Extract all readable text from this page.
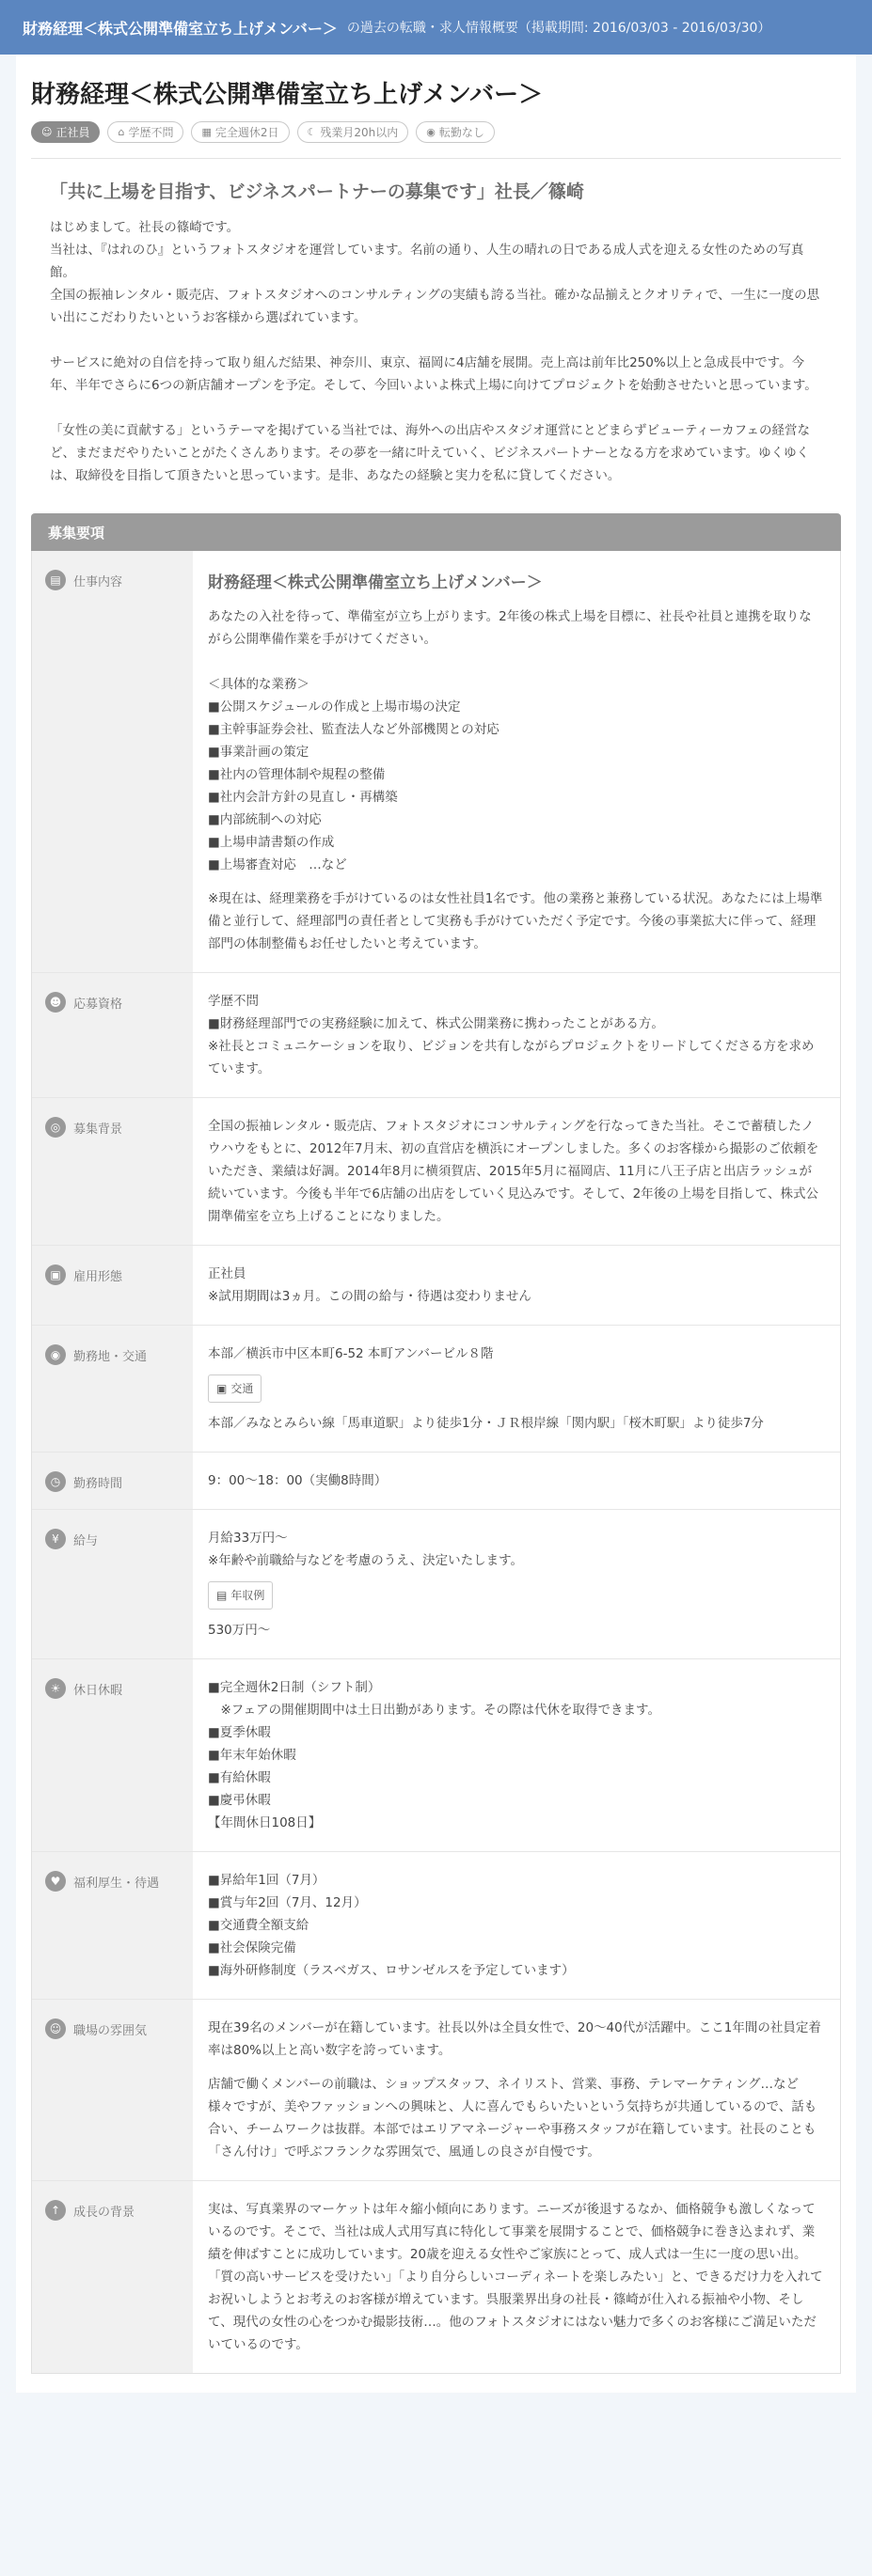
財務経理＜株式公開準備室立ち上げメンバー＞ の過去の転職・求人情報概要（掲載期間: 2016/03/03 - 2016/03/30）
財務経理＜株式公開準備室立ち上げメンバー＞
☺ 正社員	⌂ 学歴不問	▦ 完全週休2日	☾ 残業月20h以内	◉ 転勤なし
「共に上場を目指す、ビジネスパートナーの募集です」社長／篠崎
はじめまして。社長の篠崎です。
当社は、『はれのひ』というフォトスタジオを運営しています。名前の通り、人生の晴れの日である成人式を迎える女性のための写真館。
全国の振袖レンタル・販売店、フォトスタジオへのコンサルティングの実績も誇る当社。確かな品揃えとクオリティで、一生に一度の思い出にこだわりたいというお客様から選ばれています。

サービスに絶対の自信を持って取り組んだ結果、神奈川、東京、福岡に4店舗を展開。売上高は前年比250%以上と急成長中です。今年、半年でさらに6つの新店舗オープンを予定。そして、今回いよいよ株式上場に向けてプロジェクトを始動させたいと思っています。

「女性の美に貢献する」というテーマを掲げている当社では、海外への出店やスタジオ運営にとどまらずビューティーカフェの経営など、まだまだやりたいことがたくさんあります。その夢を一緒に叶えていく、ビジネスパートナーとなる方を求めています。ゆくゆくは、取締役を目指して頂きたいと思っています。是非、あなたの経験と実力を私に貸してください。
募集要項
▤	仕事内容	財務経理＜株式公開準備室立ち上げメンバー＞

あなたの入社を待って、準備室が立ち上がります。2年後の株式上場を目標に、社長や社員と連携を取りながら公開準備作業を手がけてください。

＜具体的な業務＞
■公開スケジュールの作成と上場市場の決定
■主幹事証券会社、監査法人など外部機関との対応
■事業計画の策定
■社内の管理体制や規程の整備
■社内会計方針の見直し・再構築
■内部統制への対応
■上場申請書類の作成
■上場審査対応　…など

※現在は、経理業務を手がけているのは女性社員1名です。他の業務と兼務している状況。あなたには上場準備と並行して、経理部門の責任者として実務も手がけていただく予定です。今後の事業拡大に伴って、経理部門の体制整備もお任せしたいと考えています。

☻ 応募資格	学歴不問
■財務経理部門での実務経験に加えて、株式公開業務に携わったことがある方。
※社長とコミュニケーションを取り、ビジョンを共有しながらプロジェクトをリードしてくださる方を求めています。

◎	募集背景	全国の振袖レンタル・販売店、フォトスタジオにコンサルティングを行なってきた当社。そこで蓄積したノウハウをもとに、2012年7月末、初の直営店を横浜にオープンしました。多くのお客様から撮影のご依頼をいただき、業績は好調。2014年8月に横須賀店、2015年5月に福岡店、11月に八王子店と出店ラッシュが続いています。今後も半年で6店舗の出店をしていく見込みです。そして、2年後の上場を目指して、株式公開準備室を立ち上げることになりました。

▣	雇用形態	正社員
※試用期間は3ヵ月。この間の給与・待遇は変わりません

◉	勤務地・交通	本部／横浜市中区本町6-52 本町アンバービル８階

▣ 交通

本部／みなとみらい線「馬車道駅」より徒歩1分・ＪＲ根岸線「関内駅」「桜木町駅」より徒歩7分

◷	勤務時間	9：00～18：00（実働8時間）

¥	給与	月給33万円～
※年齢や前職給与などを考慮のうえ、決定いたします。

▤ 年収例

530万円～

☀	休日休暇	■完全週休2日制（シフト制）
　※フェアの開催期間中は土日出勤があります。その際は代休を取得できます。
■夏季休暇
■年末年始休暇
■有給休暇
■慶弔休暇
【年間休日108日】

♥	福利厚生・待遇	■昇給年1回（7月）
■賞与年2回（7月、12月）
■交通費全額支給
■社会保険完備
■海外研修制度（ラスベガス、ロサンゼルスを予定しています）

☺ 職場の雰囲気	現在39名のメンバーが在籍しています。社長以外は全員女性で、20～40代が活躍中。ここ1年間の社員定着率は80%以上と高い数字を誇っています。

店舗で働くメンバーの前職は、ショップスタッフ、ネイリスト、営業、事務、テレマーケティング…など様々ですが、美やファッションへの興味と、人に喜んでもらいたいという気持ちが共通しているので、話も合い、チームワークは抜群。本部ではエリアマネージャーや事務スタッフが在籍しています。社長のことも「さん付け」で呼ぶフランクな雰囲気で、風通しの良さが自慢です。

↑	成長の背景	実は、写真業界のマーケットは年々縮小傾向にあります。ニーズが後退するなか、価格競争も激しくなっているのです。そこで、当社は成人式用写真に特化して事業を展開することで、価格競争に巻き込まれず、業績を伸ばすことに成功しています。20歳を迎える女性やご家族にとって、成人式は一生に一度の思い出。「質の高いサービスを受けたい」「より自分らしいコーディネートを楽しみたい」と、できるだけ力を入れてお祝いしようとお考えのお客様が増えています。呉服業界出身の社長・篠崎が仕入れる振袖や小物、そして、現代の女性の心をつかむ撮影技術…。他のフォトスタジオにはない魅力で多くのお客様にご満足いただいているのです。
